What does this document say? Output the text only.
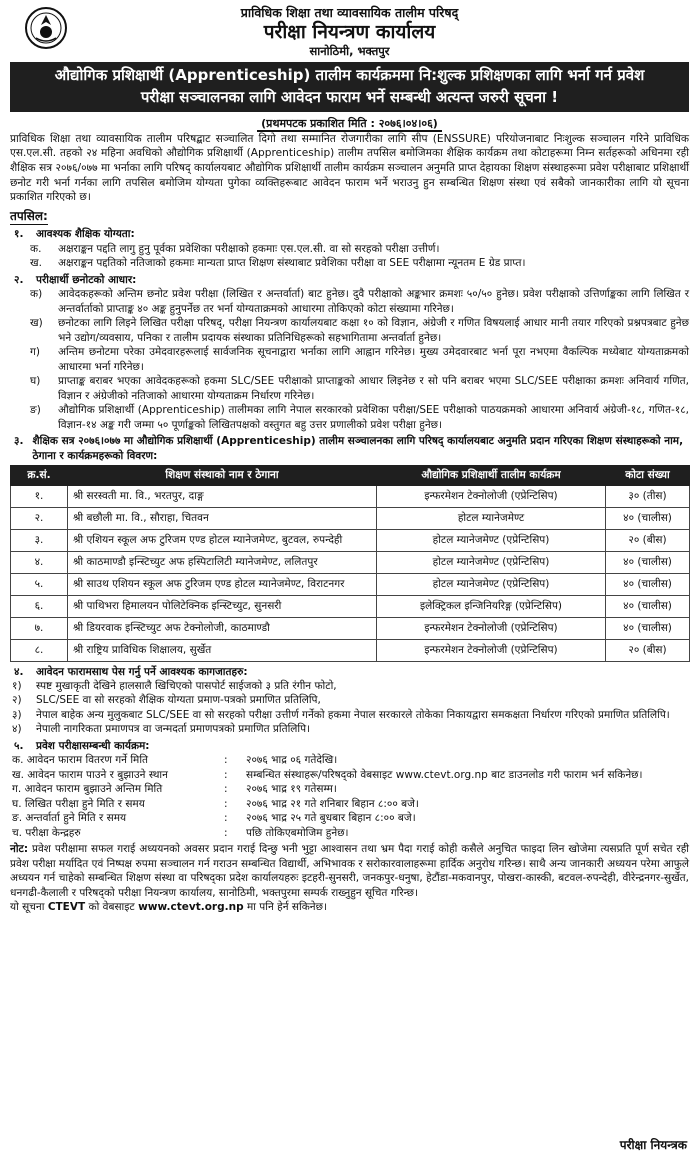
प्राविधिक शिक्षा तथा व्यावसायिक तालीम परिषद्
परीक्षा नियन्त्रण कार्यालय
सानोठिमी, भक्तपुर
औद्योगिक प्रशिक्षार्थी (Apprenticeship) तालीम कार्यक्रममा नि:शुल्क प्रशिक्षणका लागि भर्ना गर्न प्रवेश
परीक्षा सञ्चालनका लागि आवेदन फाराम भर्ने सम्बन्धी अत्यन्त जरुरी सूचना !
(प्रथमपटक प्रकाशित मिति : २०७६।०४।०६)

प्राविधिक शिक्षा तथा व्यावसायिक तालीम परिषद्बाट सञ्चालित दिगो तथा सम्मानित रोजगारीका लागि सीप (ENSSURE) परियोजनाबाट निःशुल्क सञ्चालन गरिने प्राविधिक एस.एल.सी. तहको २४ महिना अवधिको औद्योगिक प्रशिक्षार्थी (Apprenticeship) तालीम तपसिल बमोजिमका शैक्षिक कार्यक्रम तथा कोटाहरूमा निम्न सर्तहरूको अधिनमा रही शैक्षिक सत्र २०७६/०७७ मा भर्नाका लागि परिषद् कार्यालयबाट औद्योगिक प्रशिक्षार्थी तालीम कार्यक्रम सञ्चालन अनुमति प्राप्त देहायका शिक्षण संस्थाहरूमा प्रवेश परीक्षाबाट प्रशिक्षार्थी छनोट गरी भर्ना गर्नका लागि तपसिल बमोजिम योग्यता पुगेका व्यक्तिहरूबाट आवेदन फाराम भर्ने भराउनु हुन सम्बन्धित शिक्षण संस्था एवं सबैको जानकारीका लागि यो सूचना प्रकाशित गरिएको छ।

तपसिल:
१.	आवश्यक शैक्षिक योग्यता:
क.	अक्षराङ्कन पद्दति लागु हुनु पूर्वका प्रवेशिका परीक्षाको हकमाः एस.एल.सी. वा सो सरहको परीक्षा उत्तीर्ण।
ख.	अक्षराङ्कन पद्दतिको नतिजाको हकमाः मान्यता प्राप्त शिक्षण संस्थाबाट प्रवेशिका परीक्षा वा SEE परीक्षामा न्यूनतम E ग्रेड प्राप्त।
२.	परीक्षार्थी छनोटको आधार:
क)	आवेदकहरूको अन्तिम छनोट प्रवेश परीक्षा (लिखित र अन्तर्वार्ता) बाट हुनेछ। दुवै परीक्षाको अङ्कभार क्रमशः ५०/५० हुनेछ। प्रवेश परीक्षाको उत्तिर्णाङ्कका लागि लिखित र अन्तर्वार्ताको प्राप्ताङ्क ४० अङ्क हुनुपर्नेछ तर भर्ना योग्यताक्रमको आधारमा तोकिएको कोटा संख्यामा गरिनेछ।
ख)	छनोटका लागि लिइने लिखित परीक्षा परिषद्, परीक्षा नियन्त्रण कार्यालयबाट कक्षा १० को विज्ञान, अंग्रेजी र गणित विषयलाई आधार मानी तयार गरिएको प्रश्नपत्रबाट हुनेछ भने उद्योग/व्यवसाय, पनिका र तालीम प्रदायक संस्थाका प्रतिनिधिहरूको सहभागितामा अन्तर्वार्ता हुनेछ।
ग)	अन्तिम छनोटमा परेका उमेदवारहरूलाई सार्वजनिक सूचनाद्वारा भर्नाका लागि आह्वान गरिनेछ। मुख्य उमेदवारबाट भर्ना पूरा नभएमा वैकल्पिक मध्येबाट योग्यताक्रमको आधारमा भर्ना गरिनेछ।
घ)	प्राप्ताङ्क बराबर भएका आवेदकहरूको हकमा SLC/SEE परीक्षाको प्राप्ताङ्कको आधार लिइनेछ र सो पनि बराबर भएमा SLC/SEE परीक्षाका क्रमशः अनिवार्य गणित, विज्ञान र अंग्रेजीको नतिजाको आधारमा योग्यताक्रम निर्धारण गरिनेछ।
ङ)	औद्योगिक प्रशिक्षार्थी (Apprenticeship) तालीमका लागि नेपाल सरकारको प्रवेशिका परीक्षा/SEE परीक्षाको पाठयक्रमको आधारमा अनिवार्य अंग्रेजी-१८, गणित-१८, विज्ञान-१४ अङ्क गरी जम्मा ५० पूर्णाङ्कको लिखितपक्षको वस्तुगत बहु उत्तर प्रणालीको प्रवेश परीक्षा हुनेछ।
३. शैक्षिक सत्र २०७६।०७७ मा औद्योगिक प्रशिक्षार्थी (Apprenticeship) तालीम सञ्चालनका लागि परिषद् कार्यालयबाट अनुमति प्रदान गरिएका शिक्षण संस्थाहरूको नाम, ठेगाना र कार्यक्रमहरूको विवरण:
क्र.सं.	शिक्षण संस्थाको नाम र ठेगाना	औद्योगिक प्रशिक्षार्थी तालीम कार्यक्रम	कोटा संख्या
१.	श्री सरस्वती मा. वि., भरतपुर, दाङ्ग	इन्फरमेशन टेक्नोलोजी (एप्रेन्टिसिप)	३० (तीस)
२.	श्री बछौली मा. वि., सौराहा, चितवन	होटल म्यानेजमेण्ट	४० (चालीस)
३.	श्री एशियन स्कूल अफ टुरिजम एण्ड होटल म्यानेजमेण्ट, बुटवल, रुपन्देही	होटल म्यानेजमेण्ट (एप्रेन्टिसिप)	२० (बीस)
४.	श्री काठमाण्डौ इन्स्टिच्युट अफ हस्पिटालिटी म्यानेजमेण्ट, ललितपुर	होटल म्यानेजमेण्ट (एप्रेन्टिसिप)	४० (चालीस)
५.	श्री साउथ एशियन स्कूल अफ टुरिजम एण्ड होटल म्यानेजमेण्ट, विराटनगर	होटल म्यानेजमेण्ट (एप्रेन्टिसिप)	४० (चालीस)
६.	श्री पाथिभरा हिमालयन पोलिटेक्निक इन्स्टिच्युट, सुनसरी	इलेक्ट्रिकल इन्जिनियरिङ्ग (एप्रेन्टिसिप)	४० (चालीस)
७.	श्री डियरवाक इन्स्टिच्युट अफ टेक्नोलोजी, काठमाण्डौ	इन्फरमेशन टेक्नोलोजी (एप्रेन्टिसिप)	४० (चालीस)
८.	श्री राष्ट्रिय प्राविधिक शिक्षालय, सुर्खेत	इन्फरमेशन टेक्नोलोजी (एप्रेन्टिसिप)	२० (बीस)
४.	आवेदन फारामसाथ पेस गर्नु पर्ने आवश्यक कागजातहरु:
१)	स्पष्ट मुखाकृती देखिने हालसालै खिचिएको पासपोर्ट साईजको ३ प्रति रंगीन फोटो,
२)	SLC/SEE वा सो सरहको शैक्षिक योग्यता प्रमाण-पत्रको प्रमाणित प्रतिलिपि,
३)	नेपाल बाहेक अन्य मुलुकबाट SLC/SEE वा सो सरहको परीक्षा उत्तीर्ण गर्नेको हकमा नेपाल सरकारले तोकेका निकायद्वारा समकक्षता निर्धारण गरिएको प्रमाणित प्रतिलिपि।
४)	नेपाली नागरिकता प्रमाणपत्र वा जन्मदर्ता प्रमाणपत्रको प्रमाणित प्रतिलिपि।
५.	प्रवेश परीक्षासम्बन्धी कार्यक्रम:
क. आवेदन फाराम वितरण गर्ने मिति	:	२०७६ भाद्र ०६ गतेदेखि।
ख. आवेदन फाराम पाउने र बुझाउने स्थान	:	सम्बन्धित संस्थाहरू/परिषद्को वेबसाइट www.ctevt.org.np बाट डाउनलोड गरी फाराम भर्न सकिनेछ।
ग. आवेदन फाराम बुझाउने अन्तिम मिति	:	२०७६ भाद्र १९ गतेसम्म।
घ. लिखित परीक्षा हुने मिति र समय	:	२०७६ भाद्र २१ गते शनिबार बिहान ८:०० बजे।
ङ. अन्तर्वार्ता हुने मिति र समय	:	२०७६ भाद्र २५ गते बुधबार बिहान ८:०० बजे।
च. परीक्षा केन्द्रहरु	:	पछि तोकिएबमोजिम हुनेछ।

नोट: प्रवेश परीक्षामा सफल गराई अध्ययनको अवसर प्रदान गराई दिन्छु भनी भुट्टा आश्वासन तथा भ्रम पैदा गराई कोही कसैले अनुचित फाइदा लिन खोजेमा त्यसप्रति पूर्ण सचेत रही प्रवेश परीक्षा मर्यादित एवं निष्पक्ष रुपमा सञ्चालन गर्न गराउन सम्बन्धित विद्यार्थी, अभिभावक र सरोकारवालाहरूमा हार्दिक अनुरोध गरिन्छ। साथै अन्य जानकारी अध्ययन परेमा आफुले अध्ययन गर्न चाहेको सम्बन्धित शिक्षण संस्था वा परिषद्का प्रदेश कार्यालयहरुः इटहरी-सुनसरी, जनकपुर-धनुषा, हेटौंडा-मकवानपुर, पोखरा-कास्की, बटवल-रुपन्देही, वीरेन्द्रनगर-सुर्खेत, धनगढी-कैलाली र परिषद्को परीक्षा नियन्त्रण कार्यालय, सानोठिमी, भक्तपुरमा सम्पर्क राख्नुहुन सूचित गरिन्छ।
यो सूचना CTEVT को वेबसाइट www.ctevt.org.np मा पनि हेर्न सकिनेछ।

परीक्षा नियन्त्रक
